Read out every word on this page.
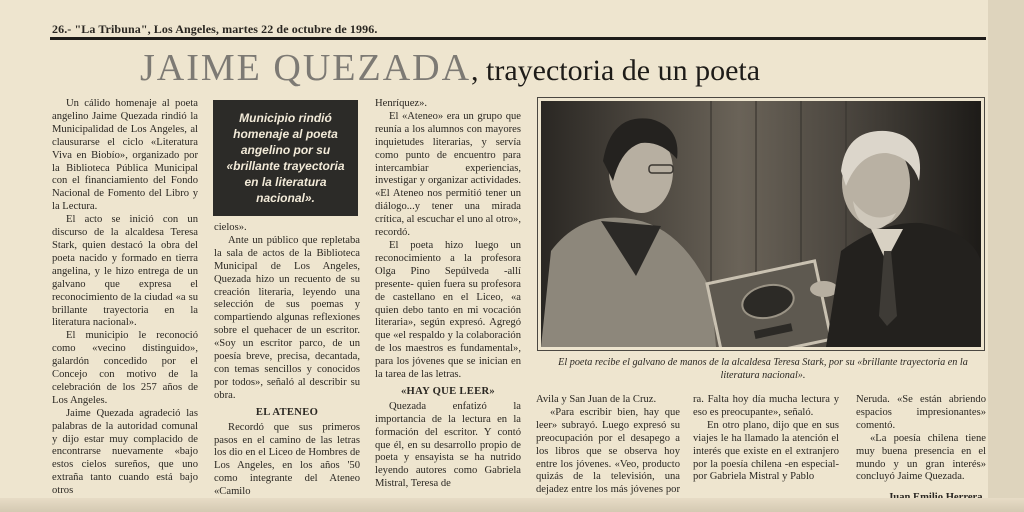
26.- "La Tribuna", Los Angeles, martes 22 de octubre de 1996.
JAIME QUEZADA, trayectoria de un poeta

Un cálido homenaje al poeta angelino Jaime Quezada rindió la Municipalidad de Los Angeles, al clausurarse el ciclo «Literatura Viva en Biobío», organizado por la Biblioteca Pública Municipal con el financiamiento del Fondo Nacional de Fomento del Libro y la Lectura.

El acto se inició con un discurso de la alcaldesa Teresa Stark, quien destacó la obra del poeta nacido y formado en tierra angelina, y le hizo entrega de un galvano que expresa el reconocimiento de la ciudad «a su brillante trayectoria en la literatura nacional».

El municipio le reconoció como «vecino distinguido», galardón concedido por el Concejo con motivo de la celebración de los 257 años de Los Angeles.

Jaime Quezada agradeció las palabras de la autoridad comunal y dijo estar muy complacido de encontrarse nuevamente «bajo estos cielos sureños, que uno extraña tanto cuando está bajo otros

Municipio rindió homenaje al poeta angelino por su «brillante trayectoria en la literatura nacional».

cielos».

Ante un público que repletaba la sala de actos de la Biblioteca Municipal de Los Angeles, Quezada hizo un recuento de su creación literaria, leyendo una selección de sus poemas y compartiendo algunas reflexiones sobre el quehacer de un escritor. «Soy un escritor parco, de un poesía breve, precisa, decantada, con temas sencillos y conocidos por todos», señaló al describir su obra.

EL ATENEO

Recordó que sus primeros pasos en el camino de las letras los dio en el Liceo de Hombres de Los Angeles, en los años '50 como integrante del Ateneo «Camilo

Henríquez».

El «Ateneo» era un grupo que reunía a los alumnos con mayores inquietudes literarias, y servía como punto de encuentro para intercambiar experiencias, investigar y organizar actividades. «El Ateneo nos permitió tener un diálogo...y tener una mirada crítica, al escuchar el uno al otro», recordó.

El poeta hizo luego un reconocimiento a la profesora Olga Pino Sepúlveda -allí presente- quien fuera su profesora de castellano en el Liceo, «a quien debo tanto en mi vocación literaria», según expresó. Agregó que «el respaldo y la colaboración de los maestros es fundamental», para los jóvenes que se inician en la tarea de las letras.

«HAY QUE LEER»

Quezada enfatizó la importancia de la lectura en la formación del escritor. Y contó que él, en su desarrollo propio de poeta y ensayista se ha nutrido leyendo autores como Gabriela Mistral, Teresa de

El poeta recibe el galvano de manos de la alcaldesa Teresa Stark, por su «brillante trayectoria en la literatura nacional».

Avila y San Juan de la Cruz.

«Para escribir bien, hay que leer» subrayó. Luego expresó su preocupación por el desapego a los libros que se observa hoy entre los jóvenes. «Veo, producto quizás de la televisión, una dejadez entre los más jóvenes por

ra. Falta hoy día mucha lectura y eso es preocupante», señaló.

En otro plano, dijo que en sus viajes le ha llamado la atención el interés que existe en el extranjero por la poesía chilena -en especial- por Gabriela Mistral y Pablo

Neruda. «Se están abriendo espacios impresionantes» comentó.

«La poesía chilena tiene muy buena presencia en el mundo y un gran interés» concluyó Jaime Quezada.
